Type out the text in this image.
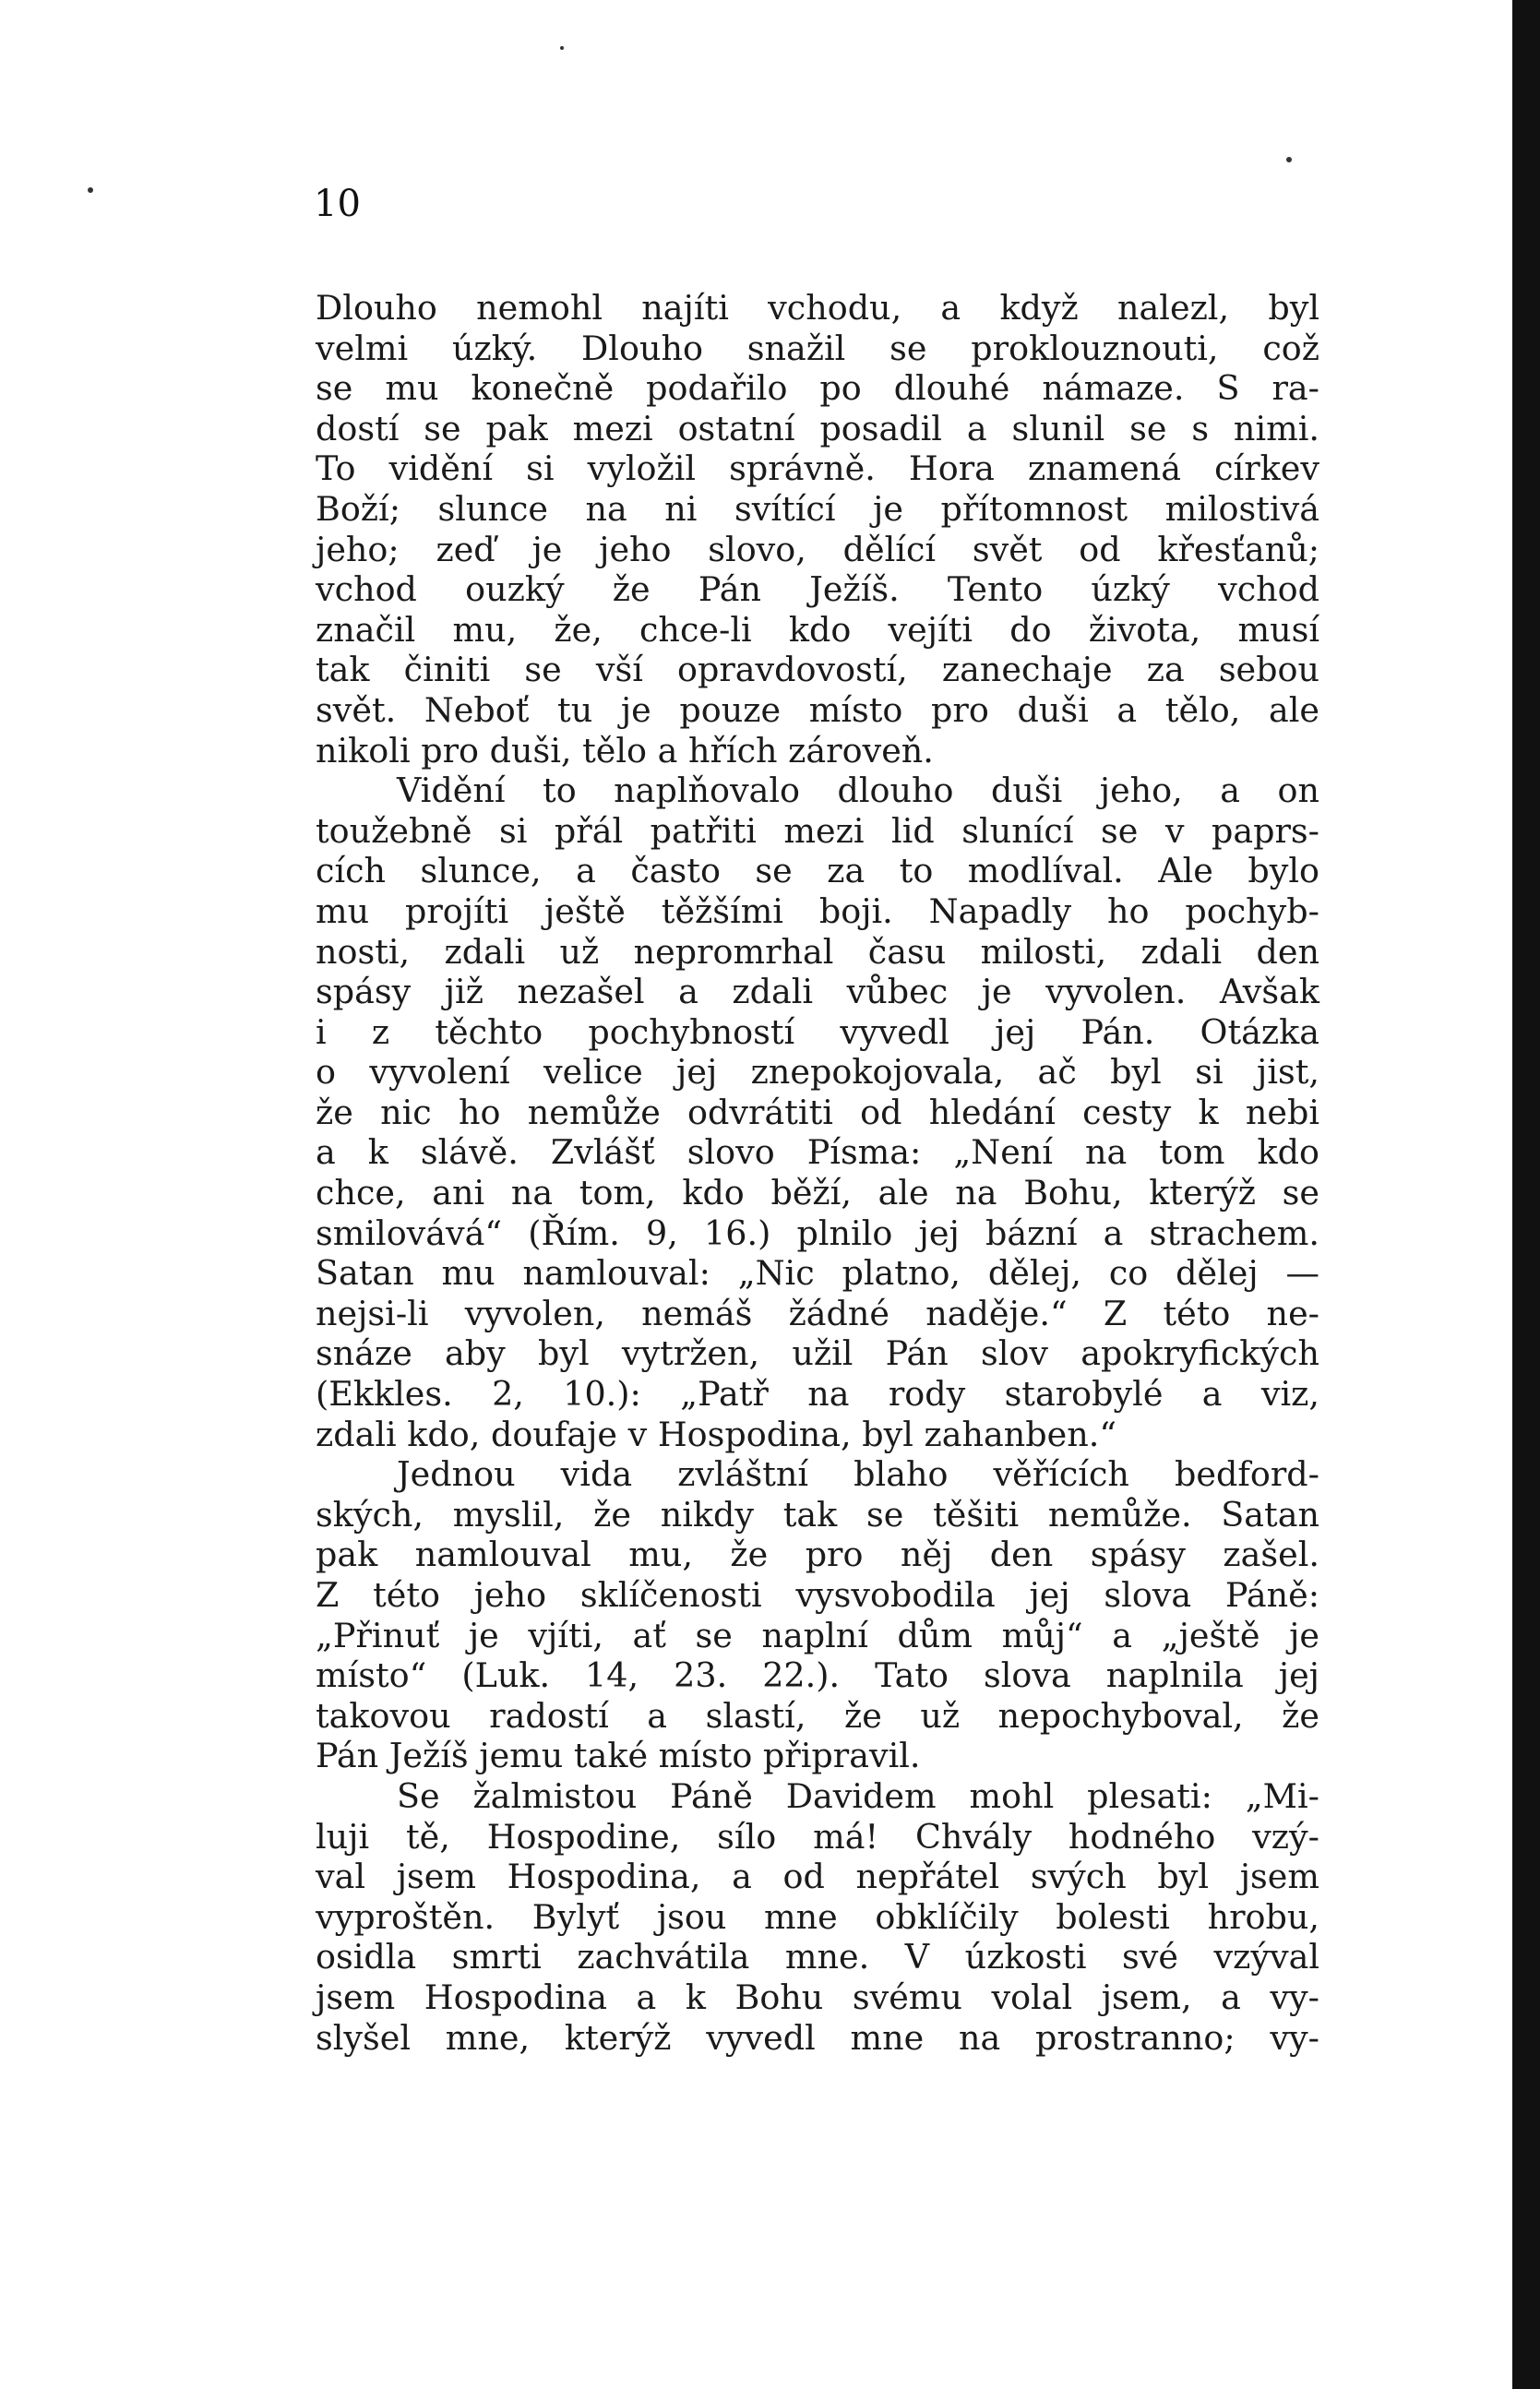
10
Dlouho nemohl najíti vchodu, a když nalezl, byl
velmi úzký. Dlouho snažil se proklouznouti, což
se mu konečně podařilo po dlouhé námaze. S ra-
dostí se pak mezi ostatní posadil a slunil se s nimi.
To vidění si vyložil správně. Hora znamená církev
Boží; slunce na ni svítící je přítomnost milostivá
jeho; zeď je jeho slovo, dělící svět od křesťanů;
vchod ouzký že Pán Ježíš. Tento úzký vchod
značil mu, že, chce-li kdo vejíti do života, musí
tak činiti se vší opravdovostí, zanechaje za sebou
svět. Neboť tu je pouze místo pro duši a tělo, ale
nikoli pro duši, tělo a hřích zároveň.
Vidění to naplňovalo dlouho duši jeho, a on
toužebně si přál patřiti mezi lid slunící se v paprs-
cích slunce, a často se za to modlíval. Ale bylo
mu projíti ještě těžšími boji. Napadly ho pochyb-
nosti, zdali už nepromrhal času milosti, zdali den
spásy již nezašel a zdali vůbec je vyvolen. Avšak
i z těchto pochybností vyvedl jej Pán. Otázka
o vyvolení velice jej znepokojovala, ač byl si jist,
že nic ho nemůže odvrátiti od hledání cesty k nebi
a k slávě. Zvlášť slovo Písma: „Není na tom kdo
chce, ani na tom, kdo běží, ale na Bohu, kterýž se
smilovává“ (Řím. 9, 16.) plnilo jej bázní a strachem.
Satan mu namlouval: „Nic platno, dělej, co dělej —
nejsi-li vyvolen, nemáš žádné naděje.“ Z této ne-
snáze aby byl vytržen, užil Pán slov apokryfických
(Ekkles. 2, 10.): „Patř na rody starobylé a viz,
zdali kdo, doufaje v Hospodina, byl zahanben.“
Jednou vida zvláštní blaho věřících bedford-
ských, myslil, že nikdy tak se těšiti nemůže. Satan
pak namlouval mu, že pro něj den spásy zašel.
Z této jeho sklíčenosti vysvobodila jej slova Páně:
„Přinuť je vjíti, ať se naplní dům můj“ a „ještě je
místo“ (Luk. 14, 23. 22.). Tato slova naplnila jej
takovou radostí a slastí, že už nepochyboval, že
Pán Ježíš jemu také místo připravil.
Se žalmistou Páně Davidem mohl plesati: „Mi-
luji tě, Hospodine, sílo má! Chvály hodného vzý-
val jsem Hospodina, a od nepřátel svých byl jsem
vyproštěn. Bylyť jsou mne obklíčily bolesti hrobu,
osidla smrti zachvátila mne. V úzkosti své vzýval
jsem Hospodina a k Bohu svému volal jsem, a vy-
slyšel mne, kterýž vyvedl mne na prostranno; vy-
